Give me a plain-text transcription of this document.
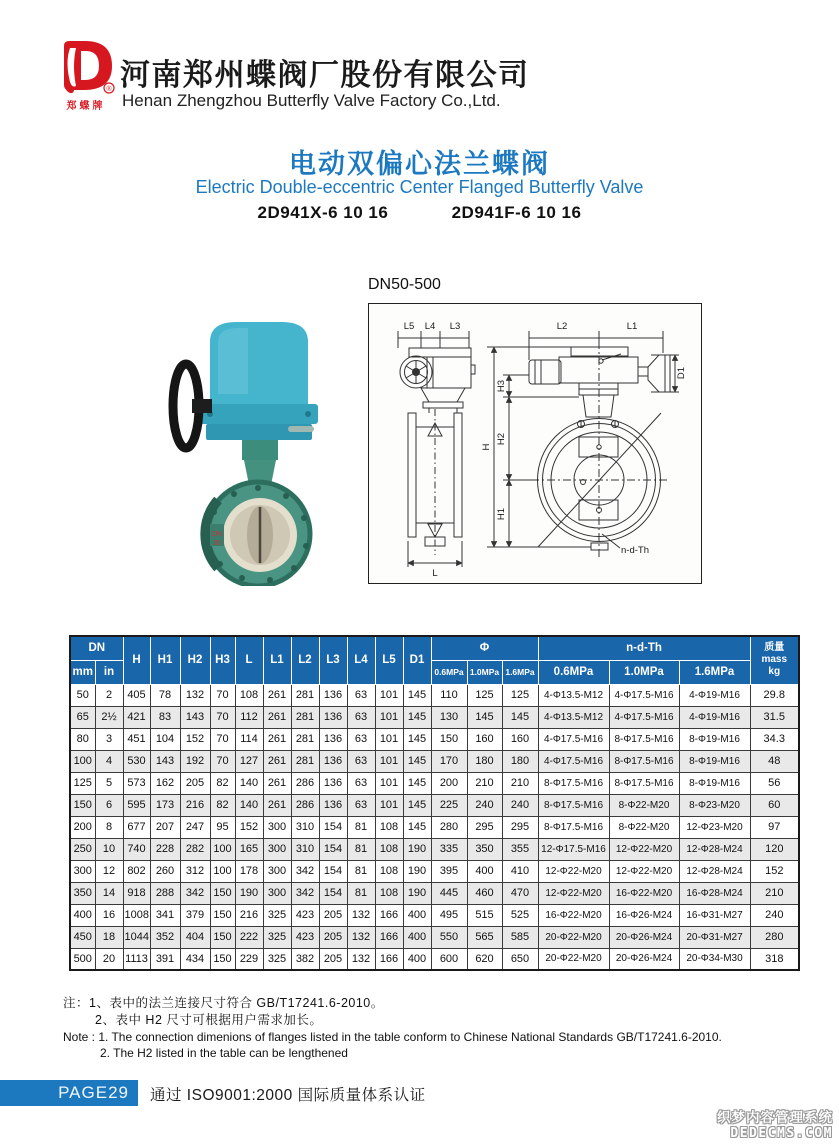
®
郑蝶牌
河南郑州蝶阀厂股份有限公司
Henan Zhengzhou Butterfly Valve Factory Co.,Ltd.
电动双偏心法兰蝶阀
Electric Double-eccentric Center Flanged Butterfly Valve
2D941X-6 10 16	2D941F-6 10 16
DN
20
DN50-500
L5 L4 L3
L
L2	L1
H
H3
H2
H1
D1
n-d-Th
DN		H	H1	H2	H3	L	L1	L2	L3	L4	L5	D1	Φ			n-d-Th			质量
mass
kg

mm	in												0.6MPa	1.0MPa	1.6MPa	0.6MPa	1.0MPa	1.6MPa	
50	2	405	78	132	70	108	261	281	136	63	101	145	110	125	125	4-Φ13.5-M12	4-Φ17.5-M16	4-Φ19-M16	29.8
65	2½	421	83	143	70	112	261	281	136	63	101	145	130	145	145	4-Φ13.5-M12	4-Φ17.5-M16	4-Φ19-M16	31.5
80	3	451	104	152	70	114	261	281	136	63	101	145	150	160	160	4-Φ17.5-M16	8-Φ17.5-M16	8-Φ19-M16	34.3
100	4	530	143	192	70	127	261	281	136	63	101	145	170	180	180	4-Φ17.5-M16	8-Φ17.5-M16	8-Φ19-M16	48
125	5	573	162	205	82	140	261	286	136	63	101	145	200	210	210	8-Φ17.5-M16	8-Φ17.5-M16	8-Φ19-M16	56
150	6	595	173	216	82	140	261	286	136	63	101	145	225	240	240	8-Φ17.5-M16	8-Φ22-M20	8-Φ23-M20	60
200	8	677	207	247	95	152	300	310	154	81	108	145	280	295	295	8-Φ17.5-M16	8-Φ22-M20	12-Φ23-M20	97
250	10	740	228	282	100	165	300	310	154	81	108	190	335	350	355	12-Φ17.5-M16	12-Φ22-M20	12-Φ28-M24	120
300	12	802	260	312	100	178	300	342	154	81	108	190	395	400	410	12-Φ22-M20	12-Φ22-M20	12-Φ28-M24	152
350	14	918	288	342	150	190	300	342	154	81	108	190	445	460	470	12-Φ22-M20	16-Φ22-M20	16-Φ28-M24	210
400	16	1008	341	379	150	216	325	423	205	132	166	400	495	515	525	16-Φ22-M20	16-Φ26-M24	16-Φ31-M27	240
450	18	1044	352	404	150	222	325	423	205	132	166	400	550	565	585	20-Φ22-M20	20-Φ26-M24	20-Φ31-M27	280
500	20	1113	391	434	150	229	325	382	205	132	166	400	600	620	650	20-Φ22-M20	20-Φ26-M24	20-Φ34-M30	318
注：1、表中的法兰连接尺寸符合 GB/T17241.6-2010。
2、表中 H2 尺寸可根据用户需求加长。
Note : 1. The connection dimenions of flanges listed in the table conform to Chinese National Standards GB/T17241.6-2010.
2. The H2 listed in the table can be lengthened
PAGE29	通过 ISO9001:2000 国际质量体系认证
织梦内容管理系统
DEDECMS.COM
